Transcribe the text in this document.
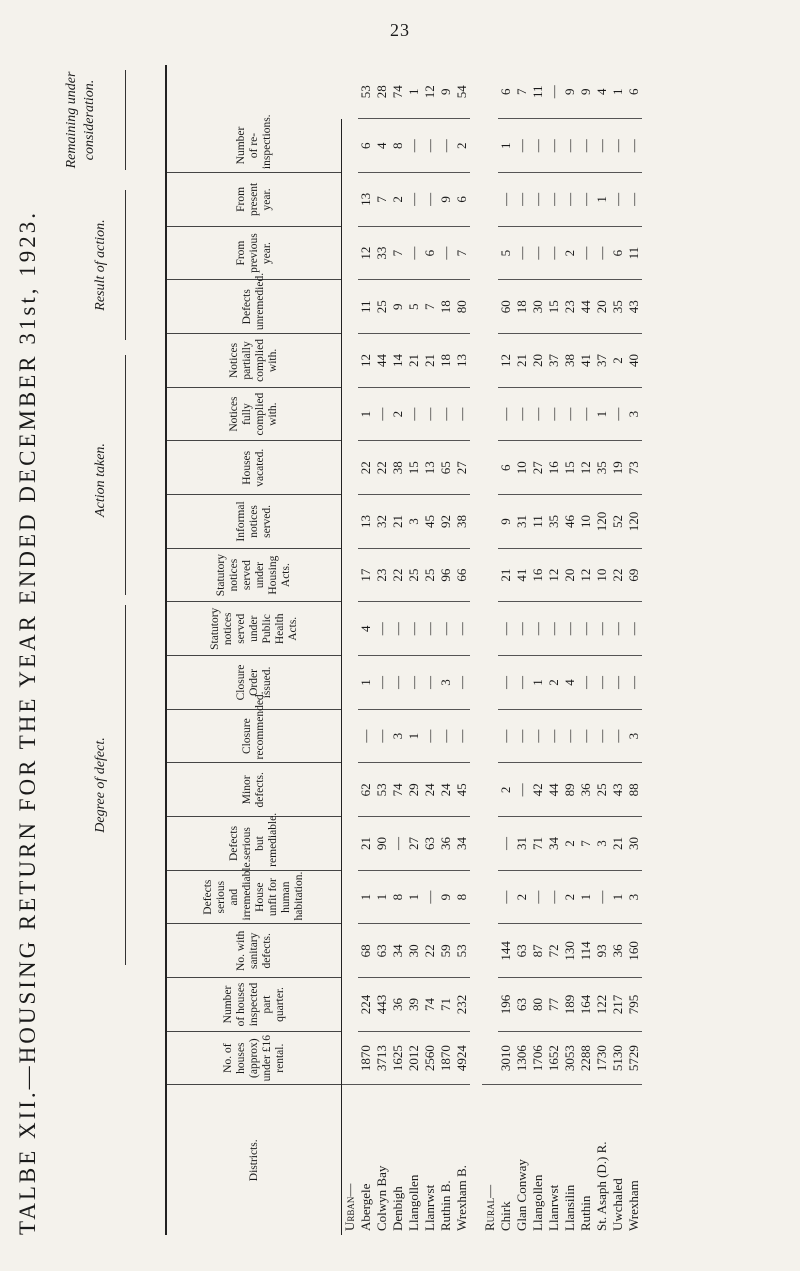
23
TALBE XII.—HOUSING RETURN FOR THE YEAR ENDED DECEMBER 31st, 1923.	Degree of defect.
Action taken.
Result of action.
Remaining under consideration.
Districts.	No. of houses (approx) under £16 rental.	Number of houses inspected part quarter.	No. with sanitary defects.	Defects serious and irremediable. House unfit for human habitation.	Defects serious but remediable.	Minor defects.	Closure recommended.	Closure Order issued.	Statutory notices served under Public Health Acts.	Statutory notices served under Housing Acts.	Informal notices served.	Houses vacated.	Notices fully complied with.	Notices partially complied with.	Defects unremedied.	From previous year.	From present year.	Number of re-inspections.	
Urban—																			
Abergele	1870	224	68	1	21	62	—	1	4	17	13	22	1	12	11	12	13	6	53
Colwyn Bay	3713	443	63	1	90	53	—	—	—	23	32	22	—	44	25	33	7	4	28
Denbigh	1625	36	34	8	—	74	3	—	—	22	21	38	2	14	9	7	2	8	74
Llangollen	2012	39	30	1	27	29	1	—	—	25	3	15	—	21	5	—	—	—	1
Llanrwst	2560	74	22	—	63	24	—	—	—	25	45	13	—	21	7	6	—	—	12
Ruthin B.	1870	71	59	9	36	24	—	3	—	96	92	65	—	18	18	—	9	—	9
Wrexham B.	4924	232	53	8	34	45	—	—	—	66	38	27	—	13	80	7	6	2	54

Rural—																			
Chirk	3010	196	144	—	—	2	—	—	—	21	9	6	—	12	60	5	—	1	6
Glan Conway	1306	63	63	2	31	—	—	—	—	41	31	10	—	21	18	—	—	—	7
Llangollen	1706	80	87	—	71	42	—	1	—	16	11	27	—	20	30	—	—	—	11
Llanrwst	1652	77	72	—	34	44	—	2	—	12	35	16	—	37	15	—	—	—	—
Llansilin	3053	189	130	2	2	89	—	4	—	20	46	15	—	38	23	2	—	—	9
Ruthin	2288	164	114	1	7	36	—	—	—	12	10	12	—	41	44	—	—	—	9
St. Asaph (D.) R.	1730	122	93	—	3	25	—	—	—	10	120	35	1	37	20	—	1	—	4
Uwchaled	5130	217	36	1	21	43	—	—	—	22	52	19	—	2	35	6	—	—	1
Wrexham	5729	795	160	3	30	88	3	—	—	69	120	73	3	40	43	11	—	—	6
